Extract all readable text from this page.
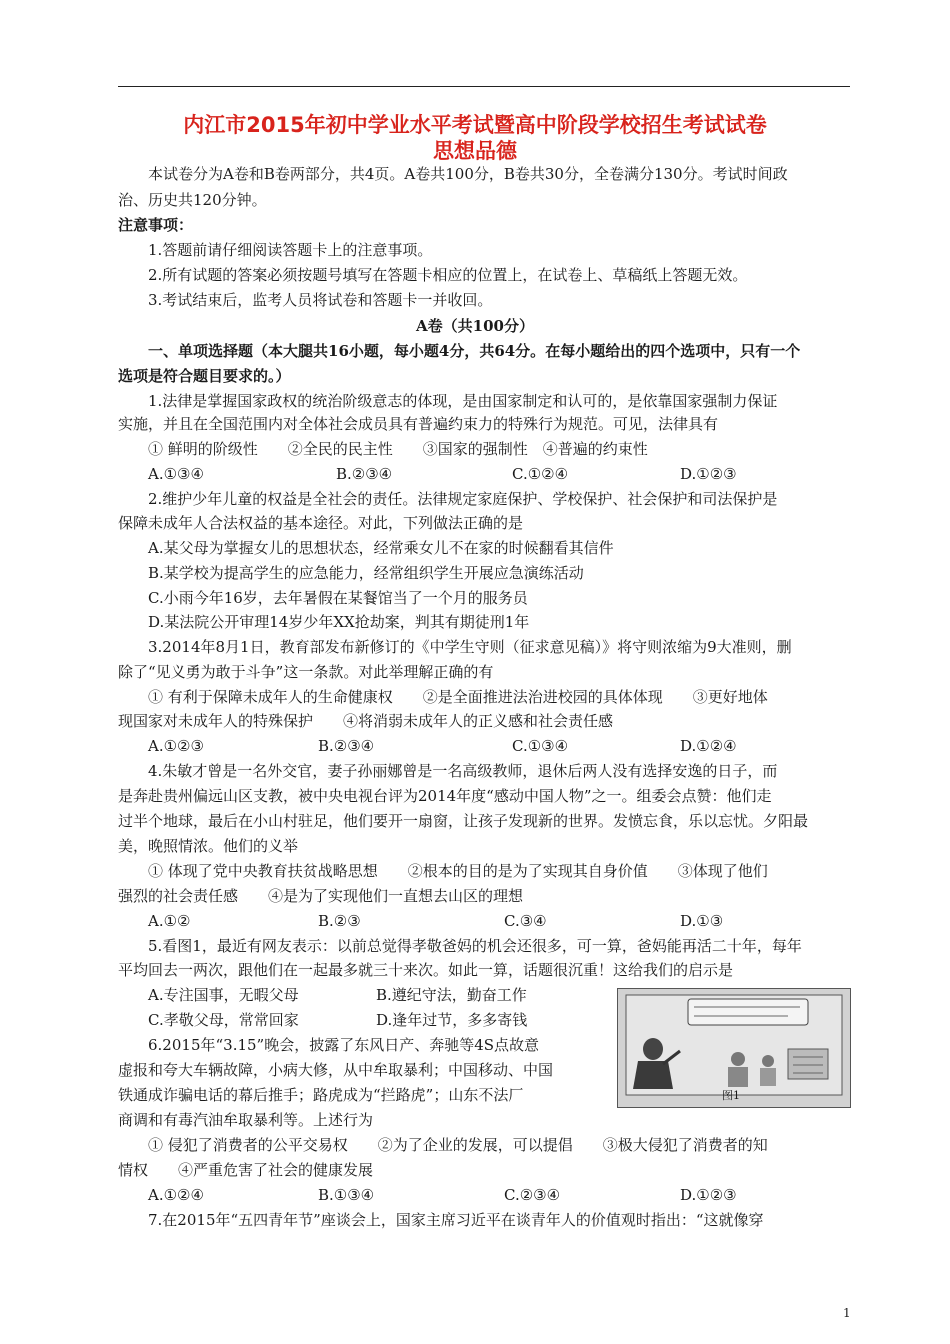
内江市2015年初中学业水平考试暨高中阶段学校招生考试试卷
思想品德
本试卷分为A卷和B卷两部分，共4页。A卷共100分，B卷共30分，全卷满分130分。考试时间政
治、历史共120分钟。
注意事项：
1.答题前请仔细阅读答题卡上的注意事项。
2.所有试题的答案必须按题号填写在答题卡相应的位置上，在试卷上、草稿纸上答题无效。
3.考试结束后，监考人员将试卷和答题卡一并收回。
A卷（共100分）
一、单项选择题（本大腿共16小题，每小题4分，共64分。在每小题给出的四个选项中，只有一个
选项是符合题目要求的。）
1.法律是掌握国家政权的统治阶级意志的体现，是由国家制定和认可的，是依靠国家强制力保证
实施，并且在全国范围内对全体社会成员具有普遍约束力的特殊行为规范。可见，法律具有
① 鲜明的阶级性　　②全民的民主性　　③国家的强制性　④普遍的约束性
A.①③④	B.②③④	C.①②④	D.①②③
2.维护少年儿童的权益是全社会的责任。法律规定家庭保护、学校保护、社会保护和司法保护是
保障未成年人合法权益的基本途径。对此，下列做法正确的是
A.某父母为掌握女儿的思想状态，经常乘女儿不在家的时候翻看其信件
B.某学校为提高学生的应急能力，经常组织学生开展应急演练活动
C.小雨今年16岁，去年暑假在某餐馆当了一个月的服务员
D.某法院公开审理14岁少年XX抢劫案，判其有期徒刑1年
3.2014年8月1日，教育部发布新修订的《中学生守则（征求意见稿）》将守则浓缩为9大准则，删
除了“见义勇为敢于斗争”这一条款。对此举理解正确的有
① 有利于保障未成年人的生命健康权　　②是全面推进法治进校园的具体体现　　③更好地体
现国家对未成年人的特殊保护　　④将消弱未成年人的正义感和社会责任感
A.①②③	B.②③④	C.①③④	D.①②④
4.朱敏才曾是一名外交官，妻子孙丽娜曾是一名高级教师，退休后两人没有选择安逸的日子，而
是奔赴贵州偏远山区支教，被中央电视台评为2014年度“感动中国人物”之一。组委会点赞：他们走
过半个地球，最后在小山村驻足，他们要开一扇窗，让孩子发现新的世界。发愤忘食，乐以忘忧。夕阳最
美，晚照情浓。他们的义举
① 体现了党中央教育扶贫战略思想　　②根本的目的是为了实现其自身价值　　③体现了他们
强烈的社会责任感　　④是为了实现他们一直想去山区的理想
A.①②	B.②③	C.③④	D.①③
5.看图1，最近有网友表示：以前总觉得孝敬爸妈的机会还很多，可一算，爸妈能再活二十年，每年
平均回去一两次，跟他们在一起最多就三十来次。如此一算，话题很沉重！这给我们的启示是
A.专注国事，无暇父母	B.遵纪守法，勤奋工作
C.孝敬父母，常常回家	D.逢年过节，多多寄钱
图1
6.2015年“3.15”晚会，披露了东风日产、奔驰等4S点故意
虚报和夸大车辆故障，小病大修，从中牟取暴利；中国移动、中国
铁通成诈骗电话的幕后推手；路虎成为“拦路虎”；山东不法厂
商调和有毒汽油牟取暴利等。上述行为
① 侵犯了消费者的公平交易权　　②为了企业的发展，可以提倡　　③极大侵犯了消费者的知
情权　　④严重危害了社会的健康发展
A.①②④	B.①③④	C.②③④	D.①②③
7.在2015年“五四青年节”座谈会上，国家主席习近平在谈青年人的价值观时指出：“这就像穿
1
